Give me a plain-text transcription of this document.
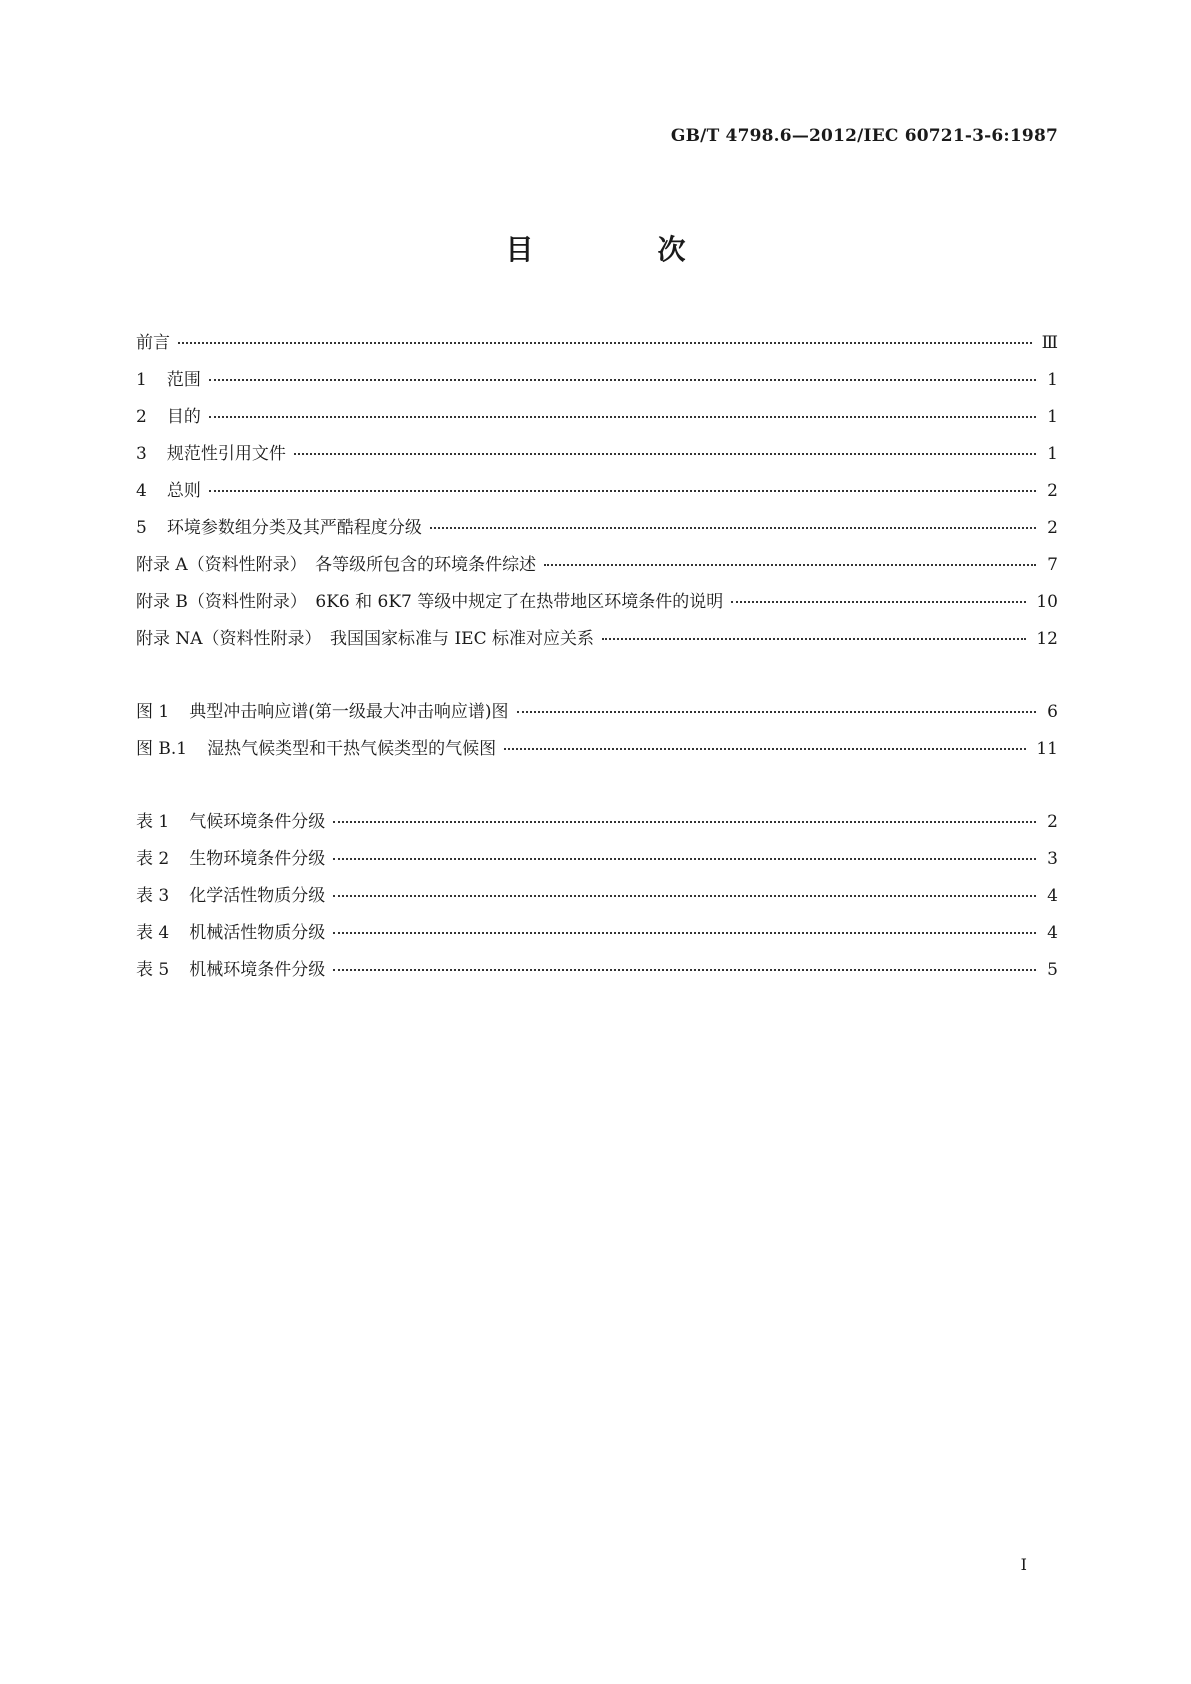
GB/T 4798.6—2012/IEC 60721-3-6:1987
目　次
前言	Ⅲ
1 范围	1
2 目的	1
3 规范性引用文件	1
4 总则	2
5 环境参数组分类及其严酷程度分级	2
附录 A（资料性附录）　各等级所包含的环境条件综述	7
附录 B（资料性附录）　6K6 和 6K7 等级中规定了在热带地区环境条件的说明	10
附录 NA（资料性附录）　我国国家标准与 IEC 标准对应关系	12
图 1 典型冲击响应谱(第一级最大冲击响应谱)图	6
图 B.1 湿热气候类型和干热气候类型的气候图	11
表 1 气候环境条件分级	2
表 2 生物环境条件分级	3
表 3 化学活性物质分级	4
表 4 机械活性物质分级	4
表 5 机械环境条件分级	5
I
